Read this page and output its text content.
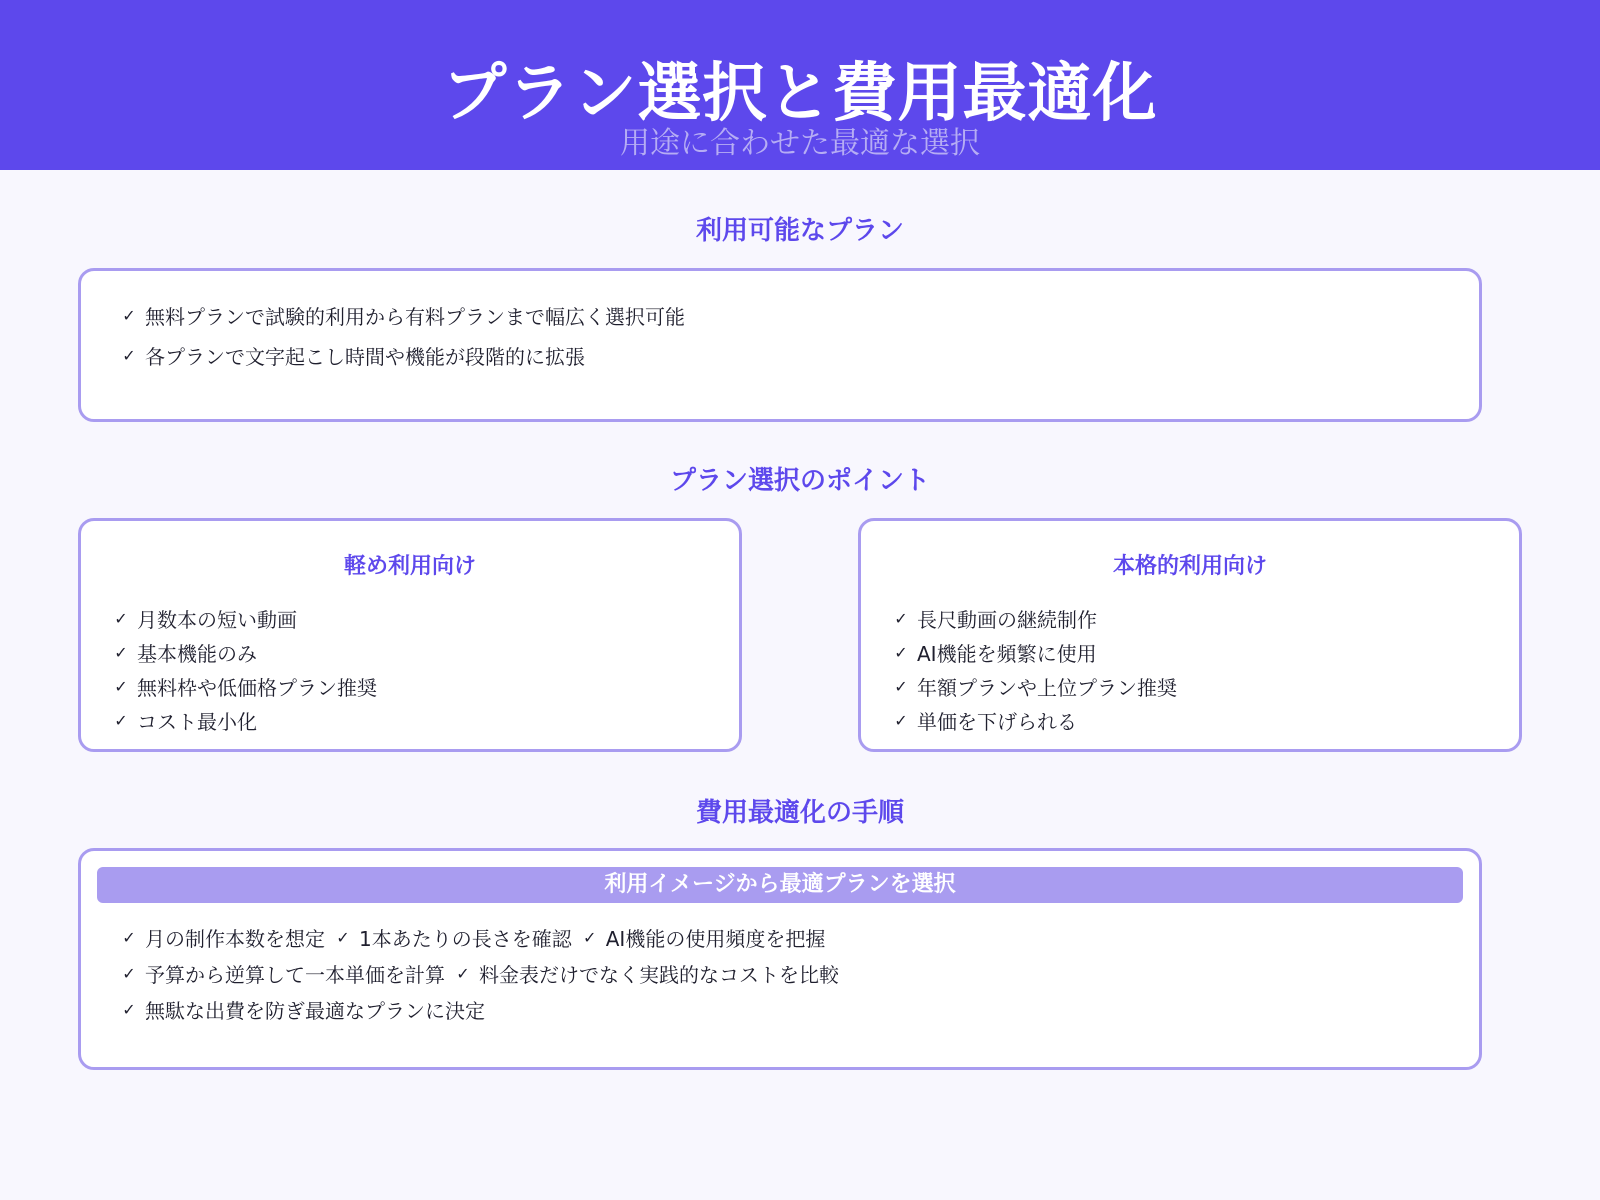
プラン選択と費用最適化
用途に合わせた最適な選択
利用可能なプラン
✓ 無料プランで試験的利用から有料プランまで幅広く選択可能
✓ 各プランで文字起こし時間や機能が段階的に拡張
プラン選択のポイント
軽め利用向け
✓ 月数本の短い動画
✓ 基本機能のみ
✓ 無料枠や低価格プラン推奨
✓ コスト最小化
本格的利用向け
✓ 長尺動画の継続制作
✓ AI機能を頻繁に使用
✓ 年額プランや上位プラン推奨
✓ 単価を下げられる
費用最適化の手順
利用イメージから最適プランを選択
✓ 月の制作本数を想定 ✓ 1本あたりの長さを確認 ✓ AI機能の使用頻度を把握
✓ 予算から逆算して一本単価を計算 ✓ 料金表だけでなく実践的なコストを比較
✓ 無駄な出費を防ぎ最適なプランに決定
